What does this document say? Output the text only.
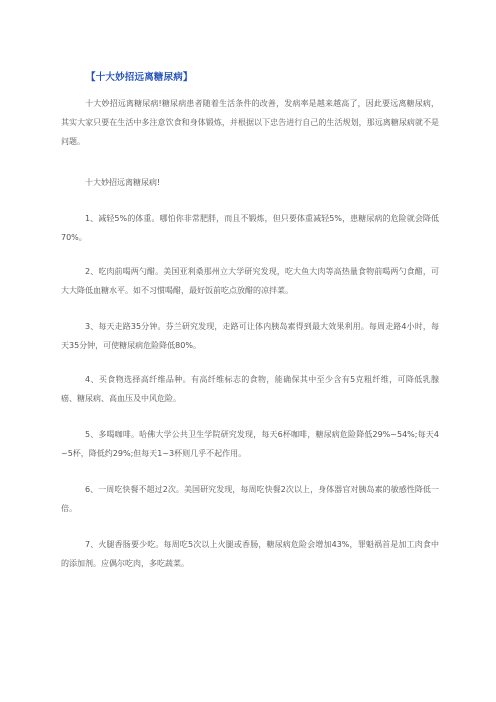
【十大妙招远离糖尿病】

十大妙招远离糖尿病!糖尿病患者随着生活条件的改善，发病率是越来越高了，因此要远离糖尿病，其实大家只要在生活中多注意饮食和身体锻炼，并根据以下忠告进行自己的生活规划，那远离糖尿病就不是问题。

十大妙招远离糖尿病!

1、减轻5%的体重。哪怕你非常肥胖，而且不锻炼，但只要体重减轻5%，患糖尿病的危险就会降低70%。

2、吃肉前喝两勺醋。美国亚利桑那州立大学研究发现，吃大鱼大肉等高热量食物前喝两勺食醋，可大大降低血糖水平。如不习惯喝醋，最好饭前吃点放醋的凉拌菜。

3、每天走路35分钟。芬兰研究发现，走路可让体内胰岛素得到最大效果利用。每周走路4小时，每天35分钟，可使糖尿病危险降低80%。

4、买食物选择高纤维品种。有高纤维标志的食物，能确保其中至少含有5克粗纤维，可降低乳腺癌、糖尿病、高血压及中风危险。

5、多喝咖啡。哈佛大学公共卫生学院研究发现，每天6杯咖啡，糖尿病危险降低29%~54%;每天4~5杯，降低约29%;但每天1~3杯则几乎不起作用。

6、一周吃快餐不超过2次。美国研究发现，每周吃快餐2次以上，身体器官对胰岛素的敏感性降低一倍。

7、火腿香肠要少吃。每周吃5次以上火腿或香肠，糖尿病危险会增加43%，罪魁祸首是加工肉食中的添加剂。应偶尔吃肉，多吃蔬菜。
